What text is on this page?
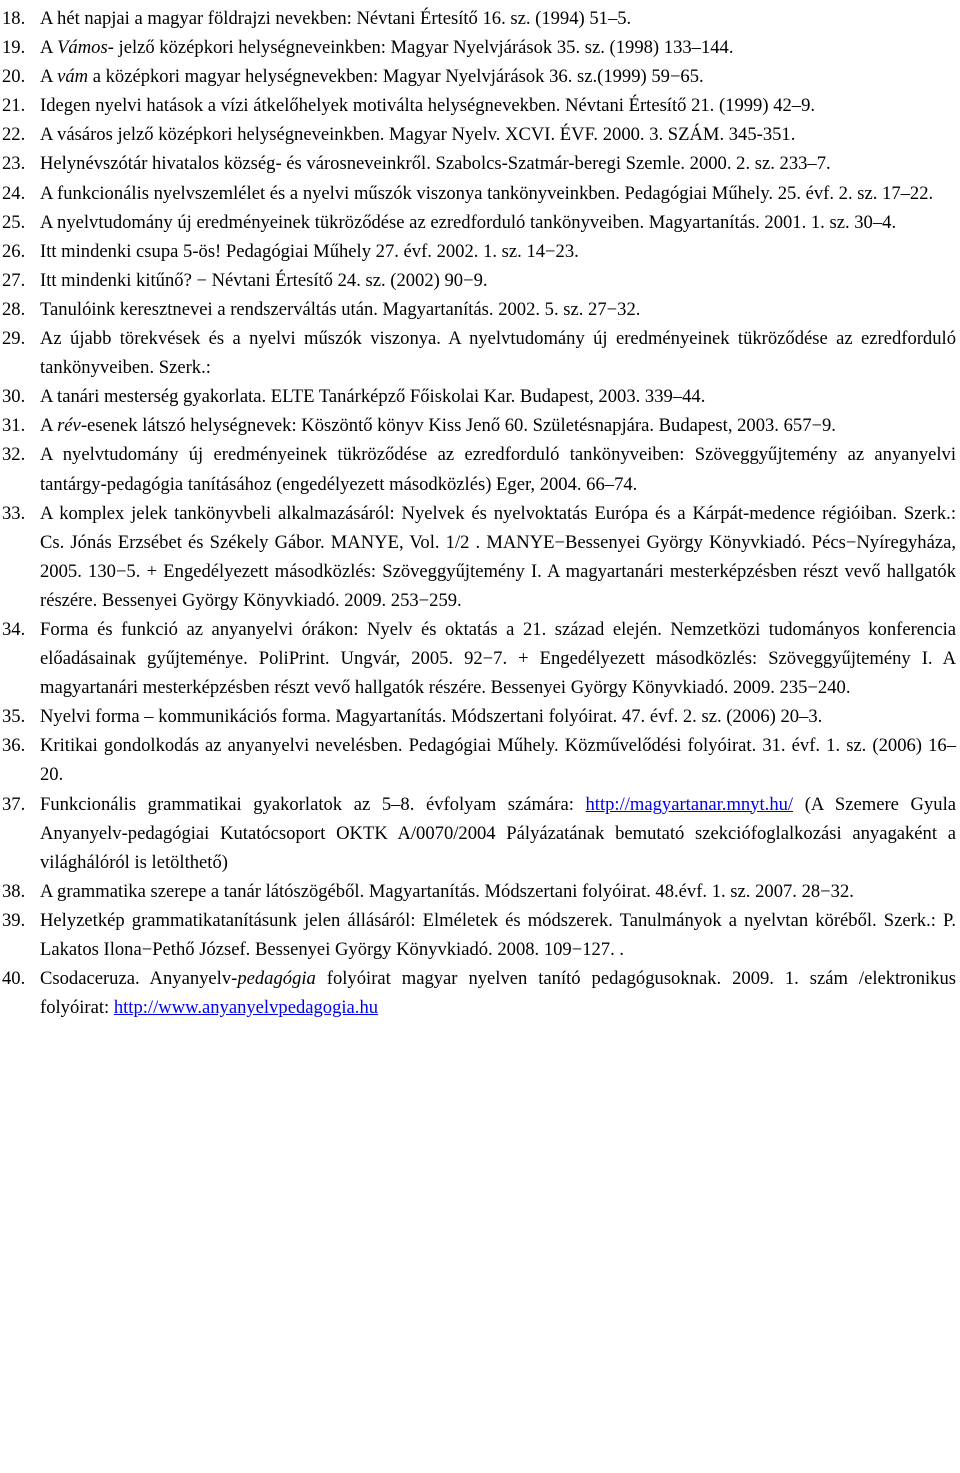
18. A hét napjai a magyar földrajzi nevekben: Névtani Értesítő 16. sz. (1994) 51–5.
19. A Vámos- jelző középkori helységneveinkben: Magyar Nyelvjárások 35. sz. (1998) 133–144.
20. A vám a középkori magyar helységnevekben: Magyar Nyelvjárások 36. sz.(1999) 59−65.
21. Idegen nyelvi hatások a vízi átkelőhelyek motiválta helységnevekben. Névtani Értesítő 21. (1999) 42–9.
22. A vásáros jelző középkori helységneveinkben. Magyar Nyelv. XCVI. ÉVF. 2000. 3. SZÁM. 345-351.
23. Helynévszótár hivatalos község- és városneveinkről. Szabolcs-Szatmár-beregi Szemle. 2000. 2. sz. 233–7.
24. A funkcionális nyelvszemlélet és a nyelvi műszók viszonya tankönyveinkben. Pedagógiai Műhely. 25. évf. 2. sz. 17–22.
25. A nyelvtudomány új eredményeinek tükröződése az ezredforduló tankönyveiben. Magyartanítás. 2001. 1. sz. 30–4.
26. Itt mindenki csupa 5-ös! Pedagógiai Műhely 27. évf. 2002. 1. sz. 14−23.
27. Itt mindenki kitűnő? − Névtani Értesítő 24. sz. (2002) 90−9.
28. Tanulóink keresztnevei a rendszerváltás után. Magyartanítás. 2002. 5. sz. 27−32.
29. Az újabb törekvések és a nyelvi műszók viszonya. A nyelvtudomány új eredményeinek tükröződése az ezredforduló tankönyveiben. Szerk.:
30. A tanári mesterség gyakorlata. ELTE Tanárképző Főiskolai Kar. Budapest, 2003. 339–44.
31. A rév-esenek látszó helységnevek: Köszöntő könyv Kiss Jenő 60. Születésnapjára. Budapest, 2003. 657−9.
32. A nyelvtudomány új eredményeinek tükröződése az ezredforduló tankönyveiben: Szöveggyűjtemény az anyanyelvi tantárgy-pedagógia tanításához (engedélyezett másodközlés) Eger, 2004. 66–74.
33. A komplex jelek tankönyvbeli alkalmazásáról: Nyelvek és nyelvoktatás Európa és a Kárpát-medence régióiban. Szerk.: Cs. Jónás Erzsébet és Székely Gábor. MANYE, Vol. 1/2 . MANYE−Bessenyei György Könyvkiadó. Pécs−Nyíregyháza, 2005. 130−5. + Engedélyezett másodközlés: Szöveggyűjtemény I. A magyartanári mesterképzésben részt vevő hallgatók részére. Bessenyei György Könyvkiadó. 2009. 253−259.
34. Forma és funkció az anyanyelvi órákon: Nyelv és oktatás a 21. század elején. Nemzetközi tudományos konferencia előadásainak gyűjteménye. PoliPrint. Ungvár, 2005. 92−7. + Engedélyezett másodközlés: Szöveggyűjtemény I. A magyartanári mesterképzésben részt vevő hallgatók részére. Bessenyei György Könyvkiadó. 2009. 235−240.
35. Nyelvi forma – kommunikációs forma. Magyartanítás. Módszertani folyóirat. 47. évf. 2. sz. (2006) 20–3.
36. Kritikai gondolkodás az anyanyelvi nevelésben. Pedagógiai Műhely. Közművelődési folyóirat. 31. évf. 1. sz. (2006) 16–20.
37. Funkcionális grammatikai gyakorlatok az 5–8. évfolyam számára: http://magyartanar.mnyt.hu/ (A Szemere Gyula Anyanyelv-pedagógiai Kutatócsoport OKTK A/0070/2004 Pályázatának bemutató szekciófoglalkozási anyagaként a világhálóról is letölthető)
38. A grammatika szerepe a tanár látószögéből. Magyartanítás. Módszertani folyóirat. 48.évf. 1. sz. 2007. 28−32.
39. Helyzetkép grammatikatanításunk jelen állásáról: Elméletek és módszerek. Tanulmányok a nyelvtan köréből. Szerk.: P. Lakatos Ilona−Pethő József. Bessenyei György Könyvkiadó. 2008. 109−127. .
40. Csodaceruza. Anyanyelv-pedagógia folyóirat magyar nyelven tanító pedagógusoknak. 2009. 1. szám /elektronikus folyóirat: http://www.anyanyelvpedagogia.hu
